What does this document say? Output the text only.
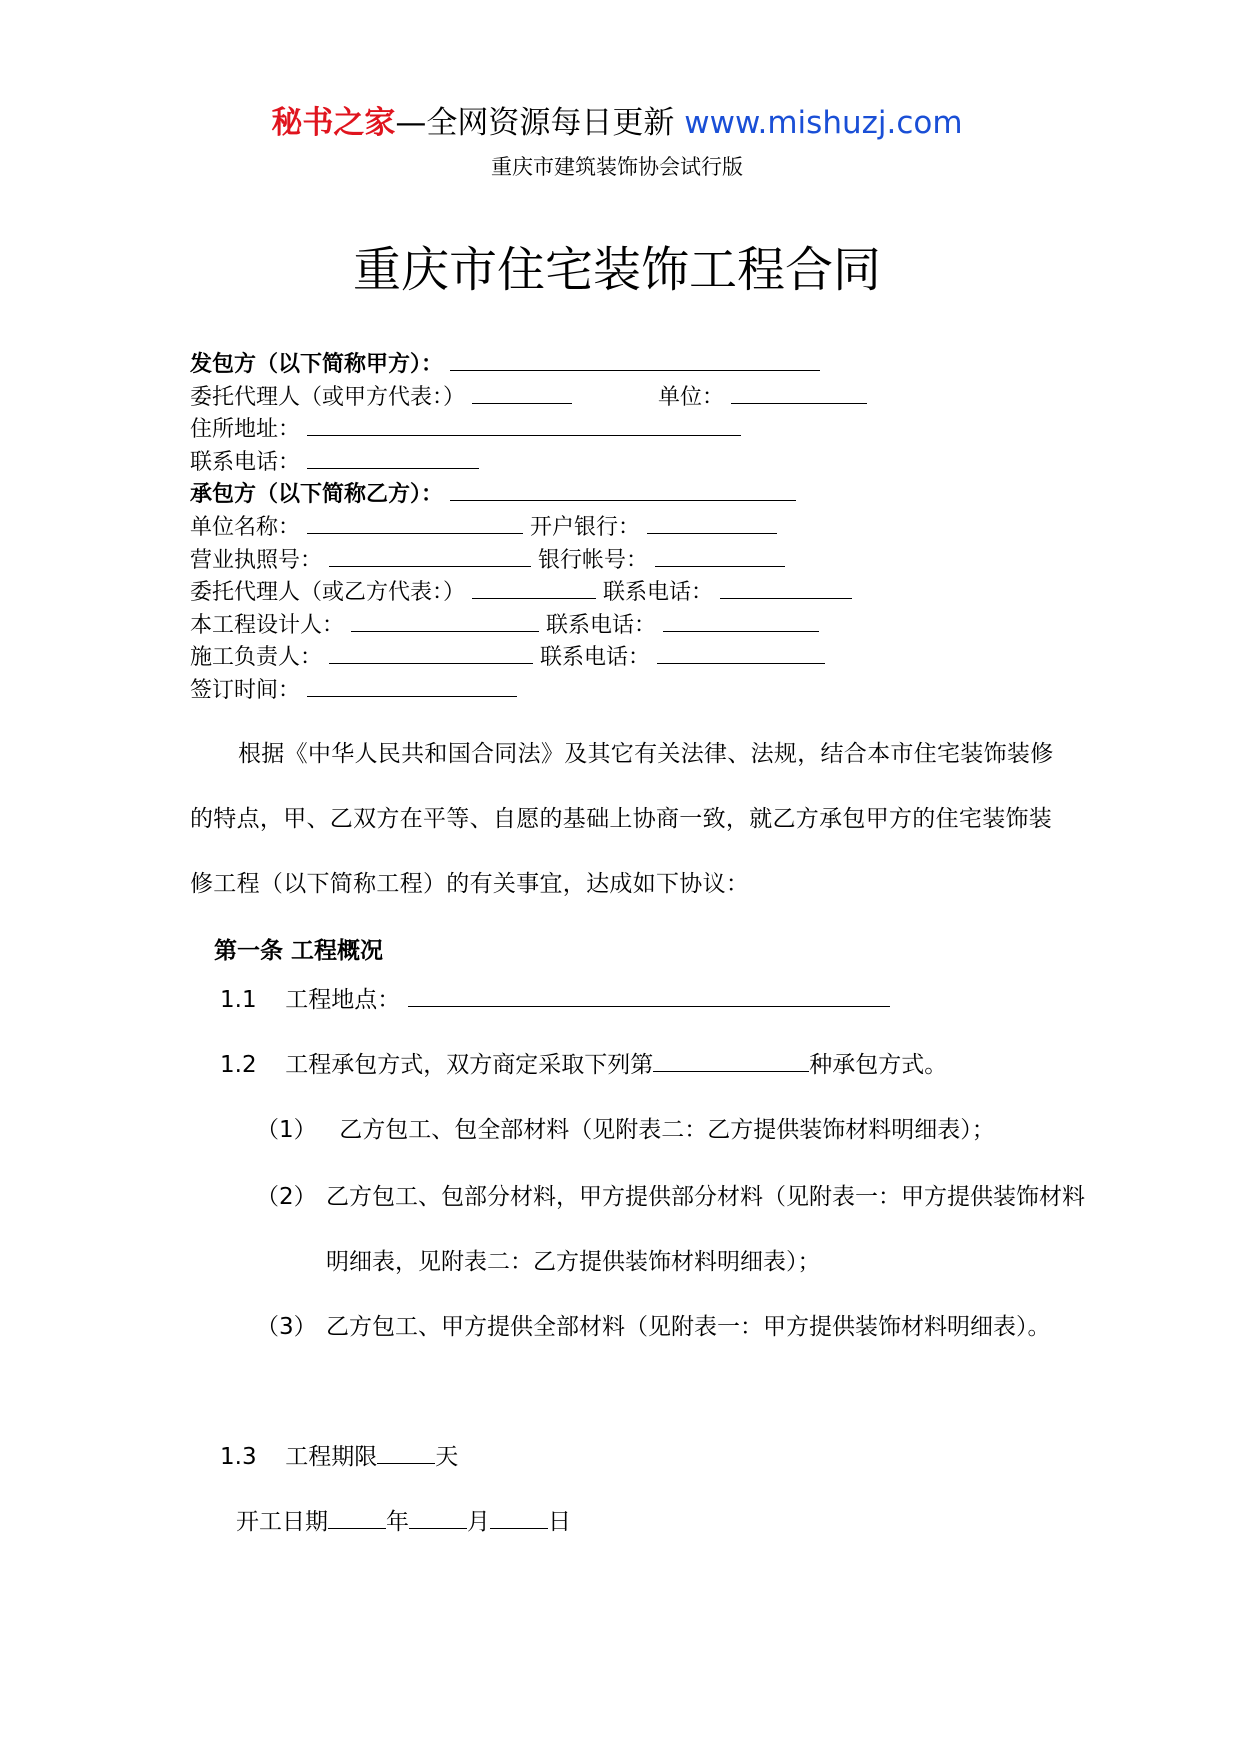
秘书之家—全网资源每日更新 www.mishuzj.com
重庆市建筑装饰协会试行版
重庆市住宅装饰工程合同
发包方（以下简称甲方）：
委托代理人（或甲方代表：）	单位：
住所地址：
联系电话：
承包方（以下简称乙方）：
单位名称：	开户银行：
营业执照号：	银行帐号：
委托代理人（或乙方代表：）	联系电话：
本工程设计人：	联系电话：
施工负责人：	联系电话：
签订时间：
根据《中华人民共和国合同法》及其它有关法律、法规，结合本市住宅装饰装修的特点，甲、乙双方在平等、自愿的基础上协商一致，就乙方承包甲方的住宅装饰装修工程（以下简称工程）的有关事宜，达成如下协议：
第一条 工程概况
1.1 工程地点：
1.2 工程承包方式，双方商定采取下列第	种承包方式。
（1） 乙方包工、包全部材料（见附表二：乙方提供装饰材料明细表）；
（2） 乙方包工、包部分材料，甲方提供部分材料（见附表一：甲方提供装饰材料明细表，见附表二：乙方提供装饰材料明细表）；
（3） 乙方包工、甲方提供全部材料（见附表一：甲方提供装饰材料明细表）。
1.3 工程期限	天
开工日期	年	月	日
